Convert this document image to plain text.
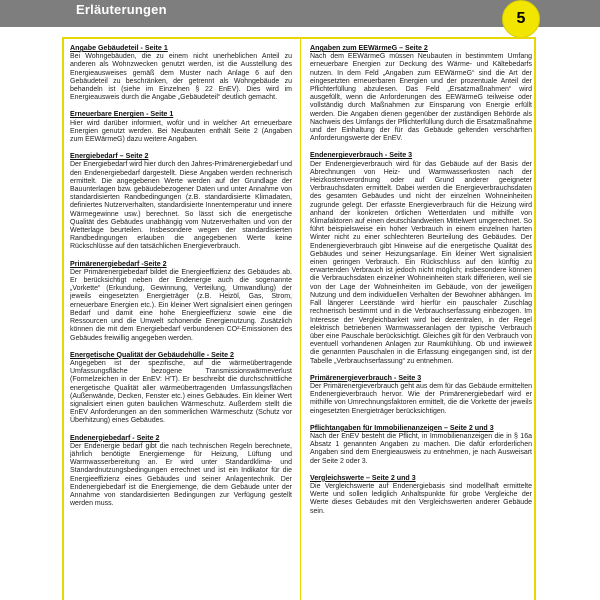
Erläuterungen
5
Angabe Gebäudeteil - Seite 1
Bei Wohngebäuden, die zu einem nicht unerheblichen Anteil zu anderen als Wohnzwecken genutzt werden, ist die Ausstellung des Energieausweises gemäß dem Muster nach Anlage 6 auf den Gebäudeteil zu beschränken, der getrennt als Wohngebäude zu behandeln ist (siehe im Einzelnen § 22 EnEV). Dies wird im Energieausweis durch die Angabe „Gebäudeteil“ deutlich gemacht.
Erneuerbare Energien - Seite 1
Hier wird darüber informiert, wofür und in welcher Art erneuerbare Energien genutzt werden. Bei Neubauten enthält Seite 2 (Angaben zum EEWärmeG) dazu weitere Angaben.
Energiebedarf – Seite 2
Der Energiebedarf wird hier durch den Jahres-Primärenergiebedarf und den Endenergiebedarf dargestellt. Diese Angaben werden rechnerisch ermittelt. Die angegebenen Werte werden auf der Grundlage der Bauunterlagen bzw. gebäudebezogener Daten und unter Annahme von standardisierten Randbedingungen (z.B. standardisierte Klimadaten, definiertes Nutzerverhalten, standardisierte Innentemperatur und innere Wärmegewinne usw.) berechnet. So lässt sich die energetische Qualität des Gebäudes unabhängig vom Nutzerverhalten und von der Wetterlage beurteilen. Insbesondere wegen der standardisierten Randbedingungen erlauben die angegebenen Werte keine Rückschlüsse auf den tatsächlichen Energieverbrauch.
Primärenergiebedarf -Seite 2
Der Primärenergiebedarf bildet die Energieeffizienz des Gebäudes ab. Er berücksichtigt neben der Endenergie auch die sogenannte „Vorkette“ (Erkundung, Gewinnung, Verteilung, Umwandlung) der jeweils eingesetzten Energieträger (z.B. Heizöl, Gas, Strom, erneuerbare Energien etc.). Ein kleiner Wert signalisiert einen geringen Bedarf und damit eine hohe Energieeffizienz sowie eine die Ressourcen und die Umwelt schonende Energienutzung. Zusätzlich können die mit dem Energiebedarf verbundenen CO²-Emissionen des Gebäudes freiwillig angegeben werden.
Energetische Qualität der Gebäudehülle - Seite 2
Angegeben ist der spezifische, auf die wärmeübertragende Umfassungsfläche bezogene Transmissionswärmeverlust (Formelzeichen in der EnEV: H'T). Er beschreibt die durchschnittliche energetische Qualität aller wärmeübertragenden Umfassungsflächen (Außenwände, Decken, Fenster etc.) eines Gebäudes. Ein kleiner Wert signalisiert einen guten baulichen Wärmeschutz. Außerdem stellt die EnEV Anforderungen an den sommerlichen Wärmeschutz (Schutz vor Überhitzung) eines Gebäudes.
Endenergiebedarf - Seite 2
Der Endenergie bedarf gibt die nach technischen Regeln berechnete, jährlich benötigte Energiemenge für Heizung, Lüftung und Warmwasserbereitung an. Er wird unter Standardklima- und Standardnutzungsbedingungen errechnet und ist ein Indikator für die Energieeffizienz eines Gebäudes und seiner Anlagentechnik. Der Endenergiebedarf ist die Energiemenge, die dem Gebäude unter der Annahme von standardisierten Bedingungen zur Verfügung gestellt werden muss.
Angaben zum EEWärmeG – Seite 2
Nach dem EEWärmeG müssen Neubauten in bestimmtem Umfang erneuerbare Energien zur Deckung des Wärme- und Kältebedarfs nutzen. In dem Feld „Angaben zum EEWärmeG“ sind die Art der eingesetzten erneuerbaren Energien und der prozentuale Anteil der Pflichterfüllung abzulesen. Das Feld „Ersatzmaßnahmen“ wird ausgefüllt, wenn die Anforderungen des EEWärmeG teilweise oder vollständig durch Maßnahmen zur Einsparung von Energie erfüllt werden. Die Angaben dienen gegenüber der zuständigen Behörde als Nachweis des Umfangs der Pflichterfüllung durch die Ersatzmaßnahme und der Einhaltung der für das Gebäude geltenden verschärften Anforderungswerte der EnEV.
Endenergieverbrauch - Seite 3
Der Endenergieverbrauch wird für das Gebäude auf der Basis der Abrechnungen von Heiz- und Warmwasserkosten nach der Heizkostenverordnung oder auf Grund anderer geeigneter Verbrauchsdaten ermittelt. Dabei werden die Energieverbrauchsdaten des gesamten Gebäudes und nicht der einzelnen Wohneinheiten zugrunde gelegt. Der erfasste Energieverbrauch für die Heizung wird anhand der konkreten örtlichen Wetterdaten und mithilfe von Klimafaktoren auf einen deutschlandweiten Mittelwert umgerechnet. So führt beispielsweise ein hoher Verbrauch in einem einzelnen harten Winter nicht zu einer schlechteren Beurteilung des Gebäudes. Der Endenergieverbrauch gibt Hinweise auf die energetische Qualität des Gebäudes und seiner Heizungsanlage. Ein kleiner Wert signalisiert einen geringen Verbrauch. Ein Rückschluss auf den künftig zu erwartenden Verbrauch ist jedoch nicht möglich; insbesondere können die Verbrauchsdaten einzelner Wohneinheiten stark differieren, weil sie von der Lage der Wohneinheiten im Gebäude, von der jeweiligen Nutzung und dem individuellen Verhalten der Bewohner abhängen. Im Fall längerer Leerstände wird hierfür ein pauschaler Zuschlag rechnerisch bestimmt und in die Verbrauchserfassung einbezogen. Im Interesse der Vergleichbarkeit wird bei dezentralen, in der Regel elektrisch betriebenen Warmwasseranlagen der typische Verbrauch über eine Pauschale berücksichtigt. Gleiches gilt für den Verbrauch von eventuell vorhandenen Anlagen zur Raumkühlung. Ob und inwieweit die genannten Pauschalen in die Erfassung eingegangen sind, ist der Tabelle „Verbrauchserfassung“ zu entnehmen.
Primärenergieverbrauch - Seite 3
Der Primärenergieverbrauch geht aus dem für das Gebäude ermittelten Endenergieverbrauch hervor. Wie der Primärenergiebedarf wird er mithilfe von Umrechnungsfaktoren ermittelt, die die Vorkette der jeweils eingesetzten Energieträger berücksichtigen.
Pflichtangaben für Immobilienanzeigen – Seite 2 und 3
Nach der EnEV besteht die Pflicht, in Immobilienanzeigen die in § 16a Absatz 1 genannten Angaben zu machen. Die dafür erforderlichen Angaben sind dem Energieausweis zu entnehmen, je nach Ausweisart der Seite 2 oder 3.
Vergleichswerte – Seite 2 und 3
Die Vergleichswerte auf Endenergiebasis sind modellhaft ermittelte Werte und sollen lediglich Anhaltspunkte für grobe Vergleiche der Werte dieses Gebäudes mit den Vergleichswerten anderer Gebäude sein.
